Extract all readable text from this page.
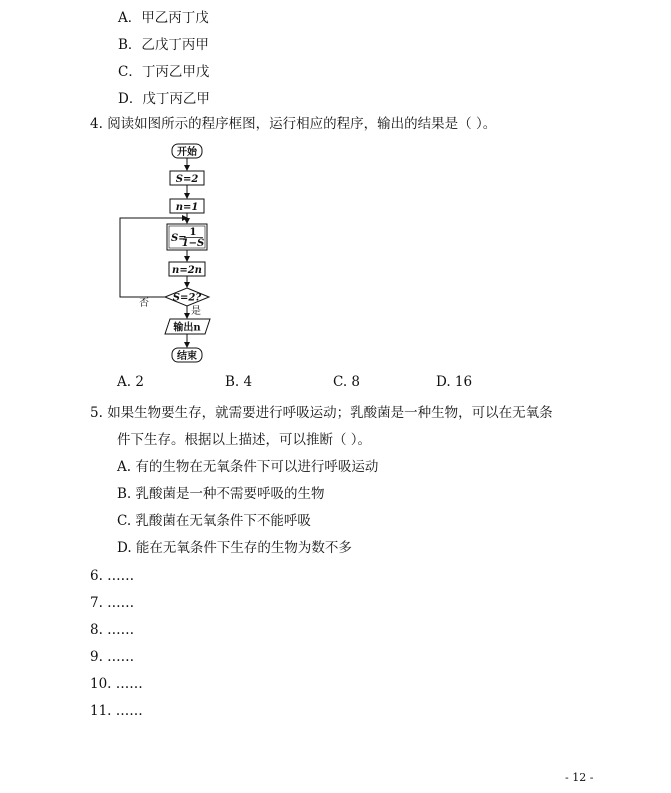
A．甲乙丙丁戊
B．乙戊丁丙甲
C．丁丙乙甲戊
D．戊丁丙乙甲
4. 阅读如图所示的程序框图，运行相应的程序，输出的结果是（ ）。
开始
S=2
n=1
S=
1
1−S
n=2n
S=2?
否
是
输出n
结束
A. 2	B. 4	C. 8	D. 16
5. 如果生物要生存，就需要进行呼吸运动；乳酸菌是一种生物，可以在无氧条
件下生存。根据以上描述，可以推断（ ）。
A. 有的生物在无氧条件下可以进行呼吸运动
B. 乳酸菌是一种不需要呼吸的生物
C. 乳酸菌在无氧条件下不能呼吸
D. 能在无氧条件下生存的生物为数不多
6. ……
7. ……
8. ……
9. ……
10. ……
11. ……
- 12 -
